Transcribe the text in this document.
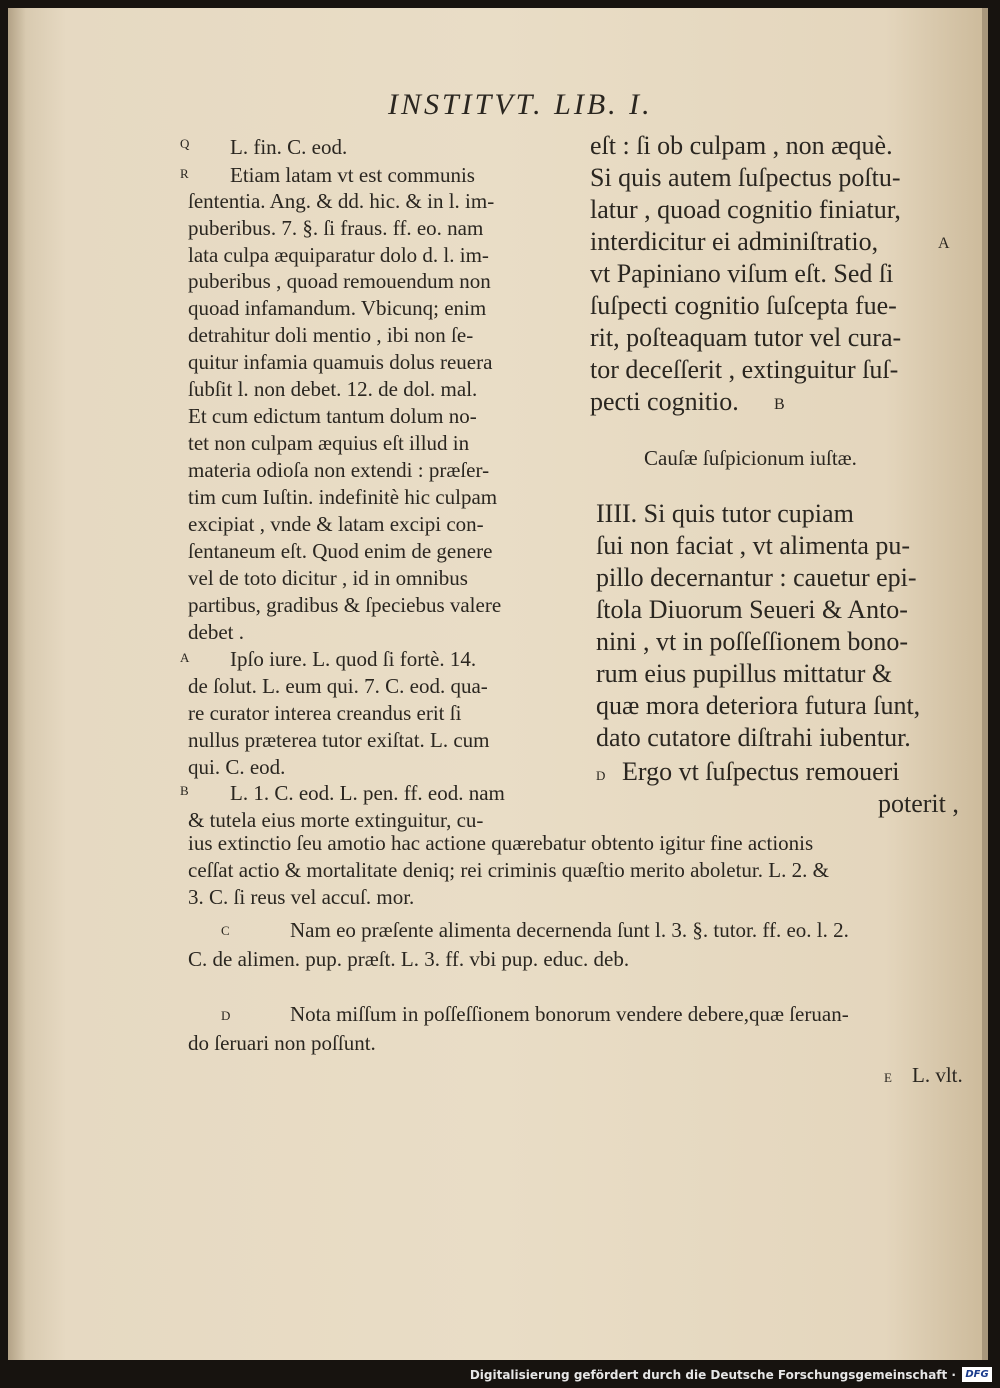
INSTITVT. LIB. I.
Q
R
A
B
L. fin. C. eod.
Etiam latam vt est communis
ſententia. Ang. & dd. hic. & in l. im-
puberibus. 7. §. ſi fraus. ff. eo. nam
lata culpa æquiparatur dolo d. l. im-
puberibus , quoad remouendum non
quoad infamandum. Vbicunq; enim
detrahitur doli mentio , ibi non ſe-
quitur infamia quamuis dolus reuera
ſubſit l. non debet. 12. de dol. mal.
Et cum edictum tantum dolum no-
tet non culpam æquius eſt illud in
materia odioſa non extendi : præſer-
tim cum Iuſtin. indefinitè hic culpam
excipiat , vnde & latam excipi con-
ſentaneum eſt. Quod enim de genere
vel de toto dicitur , id in omnibus
partibus, gradibus & ſpeciebus valere
debet .
Ipſo iure. L. quod ſi fortè. 14.
de ſolut. L. eum qui. 7. C. eod. qua-
re curator interea creandus erit ſi
nullus præterea tutor exiſtat. L. cum
qui. C. eod.
L. 1. C. eod. L. pen. ff. eod. nam
& tutela eius morte extinguitur, cu-
eſt : ſi ob culpam , non æquè.
Si quis autem ſuſpectus poſtu-
latur , quoad cognitio finiatur,
interdicitur ei adminiſtratio,
vt Papiniano viſum eſt. Sed ſi
ſuſpecti cognitio ſuſcepta fue-
rit, poſteaquam tutor vel cura-
tor deceſſerit , extinguitur ſuſ-
pecti cognitio.
A
B
Cauſæ ſuſpicionum iuſtæ.
IIII. Si quis tutor cupiam
ſui non faciat , vt alimenta pu-
pillo decernantur : cauetur epi-
ſtola Diuorum Seueri & Anto-
nini , vt in poſſeſſionem bono-
rum eius pupillus mittatur &
quæ mora deteriora futura ſunt,
dato cutatore diſtrahi iubentur.
Ergo vt ſuſpectus remoueri
poterit ,
D
ius extinctio ſeu amotio hac actione quærebatur obtento igitur fine actionis
ceſſat actio & mortalitate deniq; rei criminis quæſtio merito aboletur. L. 2. &
3. C. ſi reus vel accuſ. mor.
C	Nam eo præſente alimenta decernenda ſunt l. 3. §. tutor. ff. eo. l. 2.
C. de alimen. pup. præſt. L. 3. ff. vbi pup. educ. deb.
D	Nota miſſum in poſſeſſionem bonorum vendere debere,quæ ſeruan-
do ſeruari non poſſunt.
E L. vlt.
Digitalisierung gefördert durch die Deutsche Forschungsgemeinschaft · DFG
